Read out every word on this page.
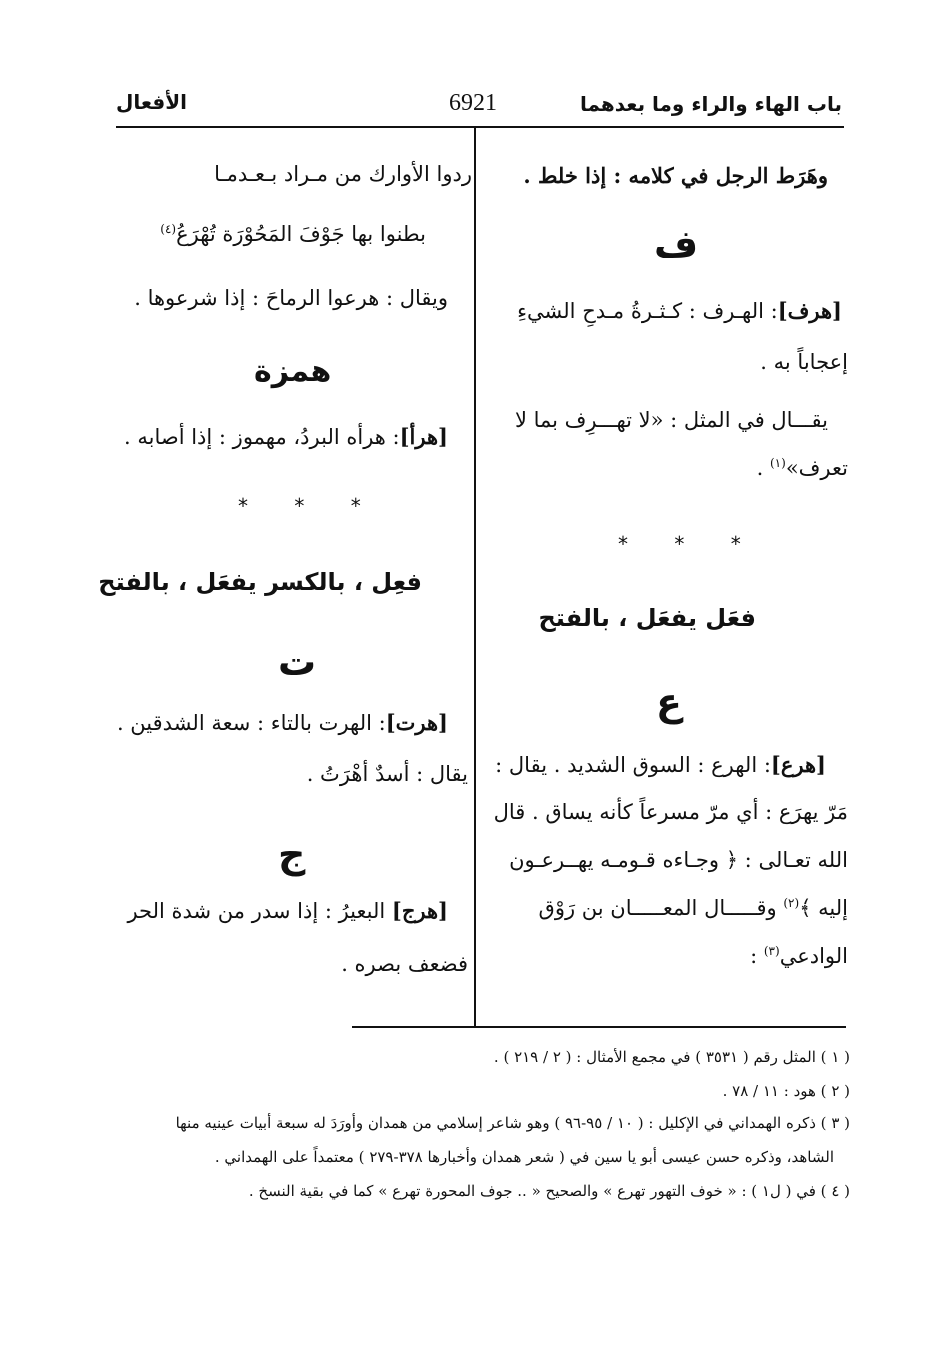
باب الهاء والراء وما بعدهما
6921
الأفعال
وهَرَط الرجل في كلامه : إذا خلط .
ف
[هرف]: الهـرف : كـثـرةُ مـدحِ الشيءِ
إعجاباً به .
يقـــال في المثل : «لا تهـــرِف بما لا
تعرف»$^{(١)}$ .
* * *
فعَل يفعَل ، بالفتح
ع
[هرع]: الهرع : السوق الشديد . يقال :
مَرّ يهرَع : أي مرّ مسرعاً كأنه يساق . قال
الله تعـالى : ﴿ وجـاءه قـومـه يهــرعـون
إليه ﴾$^{(٢)}$ وقـــــال المعـــــان بن رَوْق
الوادعي$^{(٣)}$ :
ردوا الأوارك من مـراد بـعـدمـا
بطنوا بها جَوْفَ المَحُوْرَة تُهْرَعُ$^{(٤)}$
ويقال : هرعوا الرماحَ : إذا شرعوها .
همزة
[هرأ]: هرأه البردُ، مهموز : إذا أصابه .
* * *
فعِل ، بالكسر يفعَل ، بالفتح
ت
[هرت]: الهرت بالتاء : سعة الشدقين .
يقال : أسدٌ أهْرَتُ .
ج
[هرج] البعيرُ : إذا سدر من شدة الحر
فضعف بصره .
( ١ ) المثل رقم ( ٣٥٣١ ) في مجمع الأمثال : ( ٢ / ٢١٩ ) .
( ٢ ) هود : ١١ / ٧٨ .
( ٣ ) ذكره الهمداني في الإكليل : ( ١٠ / ٩٥-٩٦ ) وهو شاعر إسلامي من همدان وأورَدَ له سبعة أبيات عينيه منها
الشاهد، وذكره حسن عيسى أبو يا سين في ( شعر همدان وأخبارها ٣٧٨-٢٧٩ ) معتمداً على الهمداني .
( ٤ ) في ( ل١ ) : « خوف التهور تهرع » والصحيح « .. جوف المحورة تهرع » كما في بقية النسخ .
